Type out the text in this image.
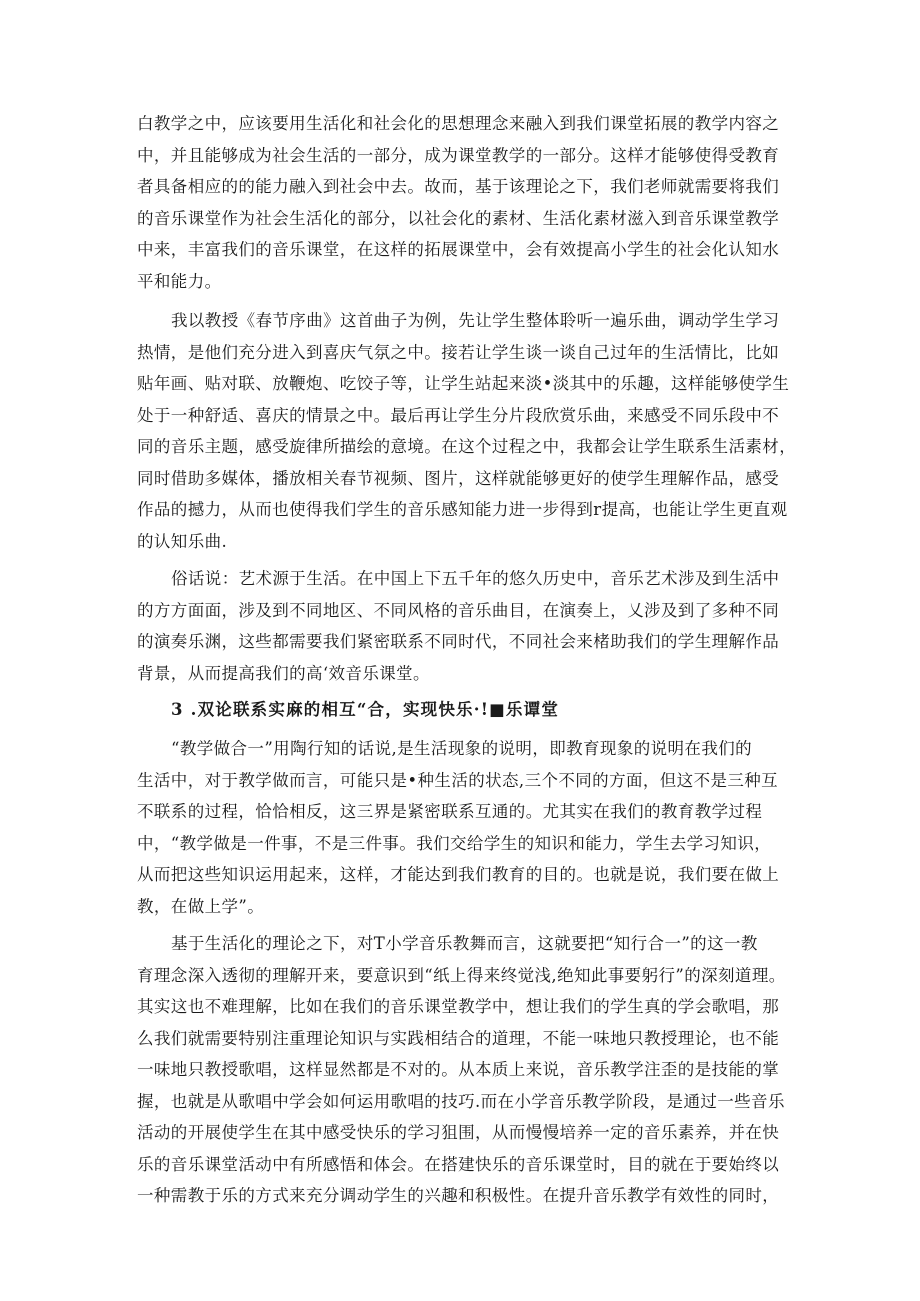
白教学之中，应该要用生活化和社会化的思想理念来融入到我们课堂拓展的教学内容之
中，并且能够成为社会生活的一部分，成为课堂教学的一部分。这样才能够使得受教育
者具备相应的的能力融入到社会中去。故而，基于该理论之下，我们老师就需要将我们
的音乐课堂作为社会生活化的部分，以社会化的素材、生活化素材滋入到音乐课堂教学
中来，丰富我们的音乐课堂，在这样的拓展课堂中，会有效提高小学生的社会化认知水
平和能力。

我以教授《春节序曲》这首曲子为例，先让学生整体聆听一遍乐曲，调动学生学习
热情，是他们充分进入到喜庆气氛之中。接若让学生谈一谈自己过年的生活情比，比如
贴年画、贴对联、放鞭炮、吃饺子等，让学生站起来淡•淡其中的乐趣，这样能够使学生
处于一种舒适、喜庆的情景之中。最后再让学生分片段欣赏乐曲，来感受不同乐段中不
同的音乐主题，感受旋律所描绘的意境。在这个过程之中，我都会让学生联系生活素材，
同时借助多媒体，播放相关春节视频、图片，这样就能够更好的使学生理解作品，感受
作品的撼力，从而也使得我们学生的音乐感知能力进一步得到r提高，也能让学生更直观
的认知乐曲.

俗话说：艺术源于生活。在中国上下五千年的悠久历史中，音乐艺术涉及到生活中
的方方面面，涉及到不同地区、不同风格的音乐曲目，在演奏上，乂涉及到了多种不同
的演奏乐渊，这些都需要我们紧密联系不同时代，不同社会来楮助我们的学生理解作品
背景，从而提高我们的高‘效音乐课堂。

3 .双论联系实麻的相互“合，实现快乐·!■乐谭堂

“教学做合一”用陶行知的话说,是生活现象的说明，即教育现象的说明在我们的
生活中，对于教学做而言，可能只是•种生活的状态,三个不同的方面，但这不是三种互
不联系的过程，恰恰相反，这三界是紧密联系互通的。尤其实在我们的教育教学过程
中，“教学做是一件事，不是三件事。我们交给学生的知识和能力，学生去学习知识，
从而把这些知识运用起来，这样，才能达到我们教育的目的。也就是说，我们要在做上
教，在做上学”。

基于生活化的理论之下，对T小学音乐教舞而言，这就要把“知行合一”的这一教
育理念深入透彻的理解开来，要意识到“纸上得来终觉浅,绝知此事要躬行”的深刻道理。
其实这也不难理解，比如在我们的音乐课堂教学中，想让我们的学生真的学会歌唱，那
么我们就需要特别注重理论知识与实践相结合的道理，不能一味地只教授理论，也不能
一味地只教授歌唱，这样显然都是不对的。从本质上来说，音乐教学注歪的是技能的掌
握，也就是从歌唱中学会如何运用歌唱的技巧.而在小学音乐教学阶段，是通过一些音乐
活动的开展使学生在其中感受快乐的学习狙围，从而慢慢培养一定的音乐素养，并在快
乐的音乐课堂活动中有所感悟和体会。在搭建快乐的音乐课堂时，目的就在于要始终以
一种需教于乐的方式来充分调动学生的兴趣和积极性。在提升音乐教学有效性的同时，
